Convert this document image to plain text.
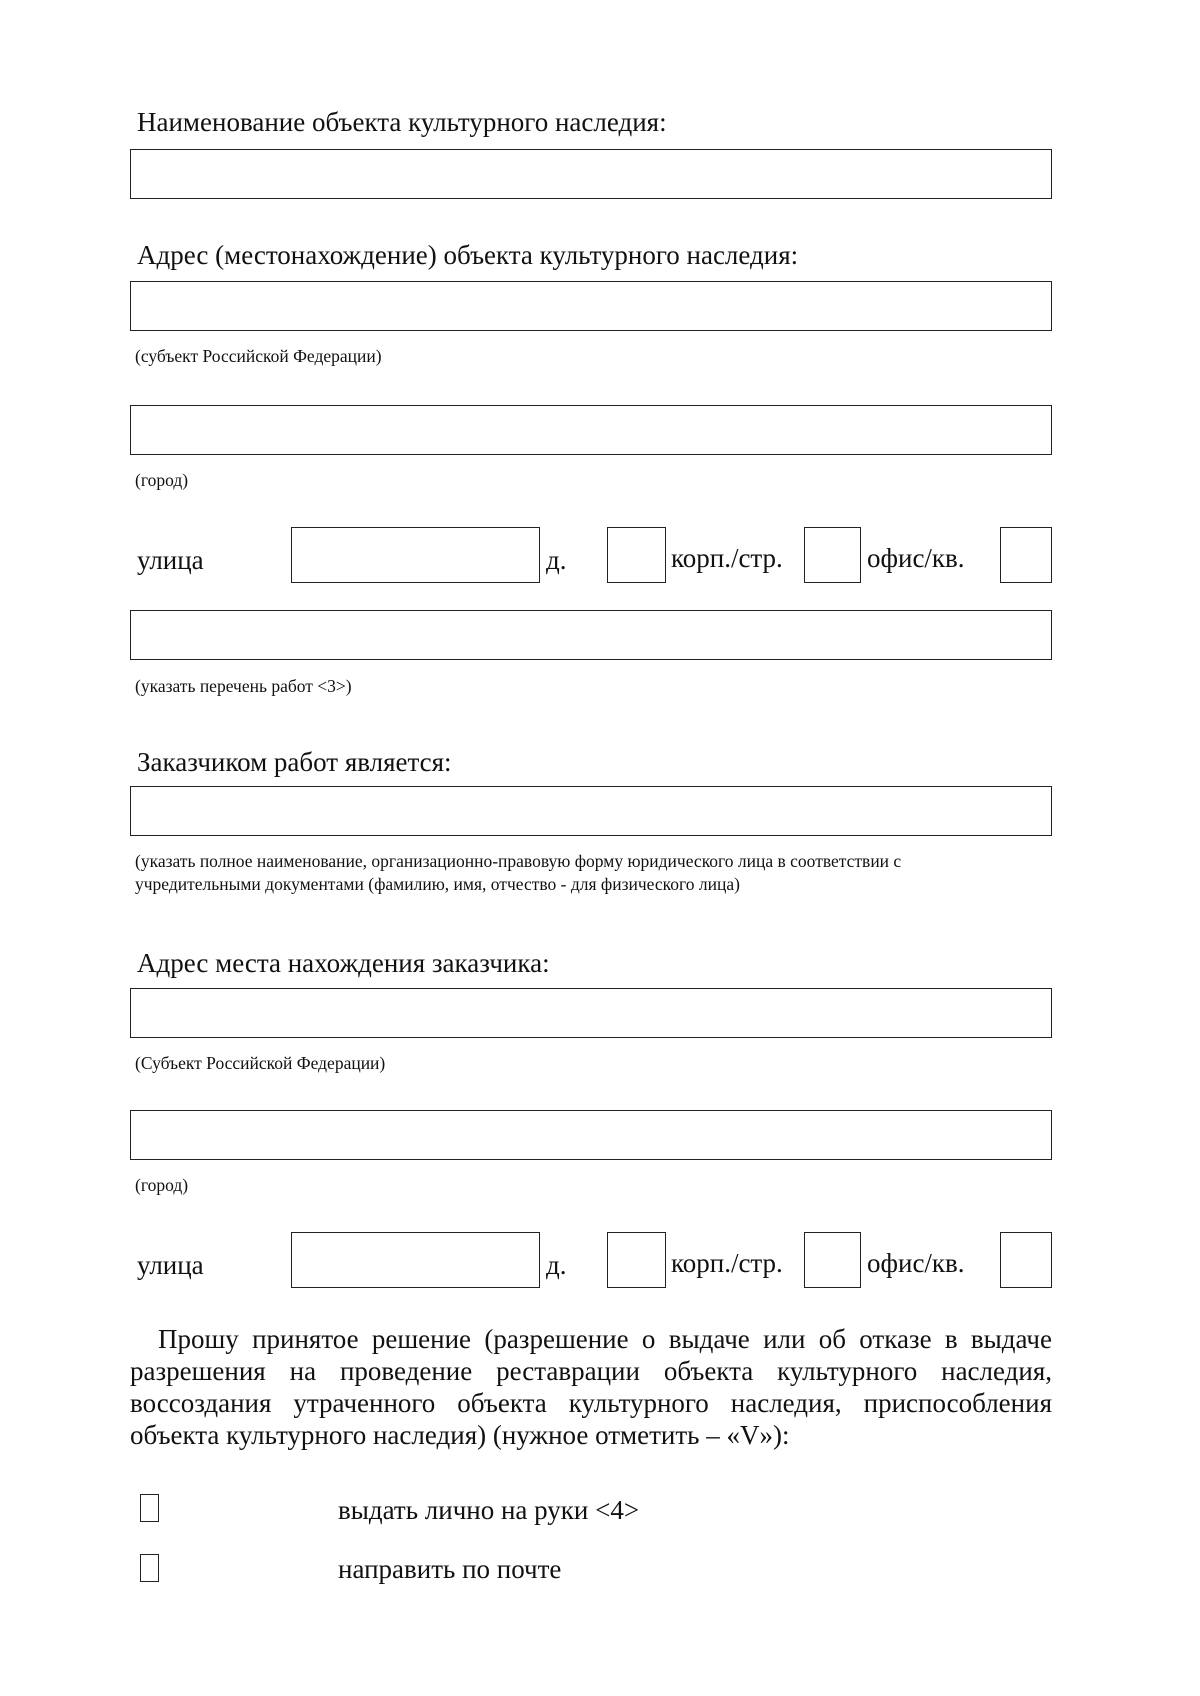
Наименование объекта культурного наследия:
Адрес (местонахождение) объекта культурного наследия:
(субъект Российской Федерации)
(город)
улица	д.	корп./стр.	офис/кв.
(указать перечень работ <3>)
Заказчиком работ является:
(указать полное наименование, организационно-правовую форму юридического лица в соответствии с
учредительными документами (фамилию, имя, отчество - для физического лица)
Адрес места нахождения заказчика:
(Субъект Российской Федерации)
(город)
улица	д.	корп./стр.	офис/кв.
Прошу принятое решение (разрешение о выдаче или об отказе в выдаче
разрешения на проведение реставрации объекта культурного наследия,
воссоздания утраченного объекта культурного наследия, приспособления
объекта культурного наследия) (нужное отметить – «V»):
выдать лично на руки <4>
направить по почте
